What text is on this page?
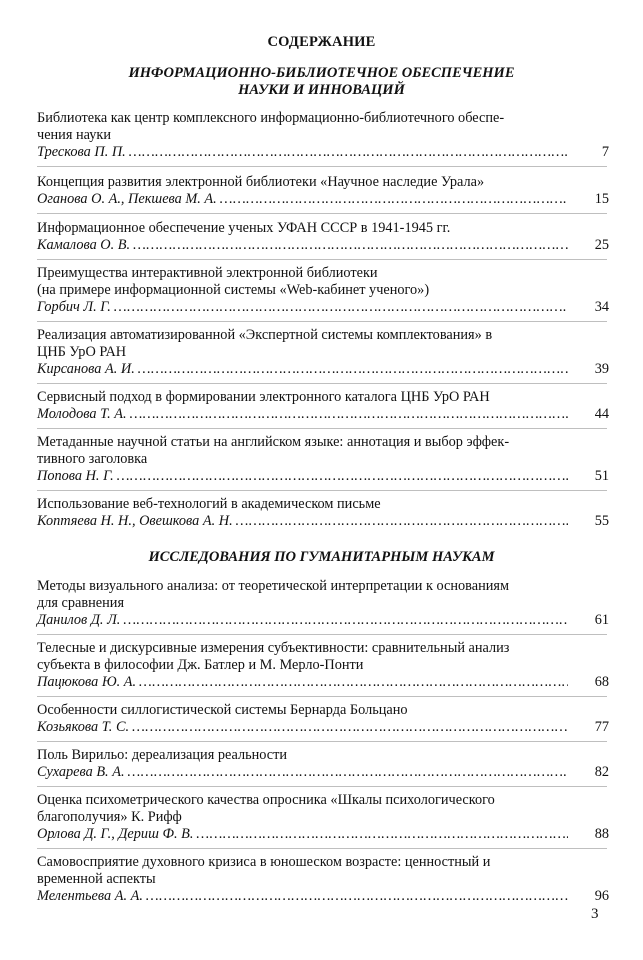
СОДЕРЖАНИЕ
ИНФОРМАЦИОННО-БИБЛИОТЕЧНОЕ ОБЕСПЕЧЕНИЕ
НАУКИ И ИННОВАЦИЙ
Библиотека как центр комплексного информационно-библиотечного обеспе-
чения науки
Трескова П. П. ……………………………………………………………………………………………………………………………………………………………………………………………………	7
Концепция развития электронной библиотеки «Научное наследие Урала»
Оганова О. А., Пекшева М. А. ……………………………………………………………………………………………………………………………………………………………………………………………………	15
Информационное обеспечение ученых УФАН СССР в 1941-1945 гг.
Камалова О. В. ……………………………………………………………………………………………………………………………………………………………………………………………………	25
Преимущества интерактивной электронной библиотеки
(на примере информационной системы «Web-кабинет ученого»)
Горбич Л. Г. ……………………………………………………………………………………………………………………………………………………………………………………………………	34
Реализация автоматизированной «Экспертной системы комплектования» в
ЦНБ УрО РАН
Кирсанова А. И. ……………………………………………………………………………………………………………………………………………………………………………………………………	39
Сервисный подход в формировании электронного каталога ЦНБ УрО РАН
Молодова Т. А. ……………………………………………………………………………………………………………………………………………………………………………………………………	44
Метаданные научной статьи на английском языке: аннотация и выбор эффек-
тивного заголовка
Попова Н. Г. ……………………………………………………………………………………………………………………………………………………………………………………………………	51
Использование веб-технологий в академическом письме
Коптяева Н. Н., Овешкова А. Н. ……………………………………………………………………………………………………………………………………………………………………………………………………	55
ИССЛЕДОВАНИЯ ПО ГУМАНИТАРНЫМ НАУКАМ
Методы визуального анализа: от теоретической интерпретации к основаниям
для сравнения
Данилов Д. Л. ……………………………………………………………………………………………………………………………………………………………………………………………………	61
Телесные и дискурсивные измерения субъективности: сравнительный анализ
субъекта в философии Дж. Батлер и М. Мерло-Понти
Пацюкова Ю. А. ……………………………………………………………………………………………………………………………………………………………………………………………………	68
Особенности силлогистической системы Бернарда Больцано
Козьякова Т. С. ……………………………………………………………………………………………………………………………………………………………………………………………………	77
Поль Вирильо: дереализация реальности
Сухарева В. А. ……………………………………………………………………………………………………………………………………………………………………………………………………	82
Оценка психометрического качества опросника «Шкалы психологического
благополучия» К. Рифф
Орлова Д. Г., Дериш Ф. В. ……………………………………………………………………………………………………………………………………………………………………………………………………	88
Самовосприятие духовного кризиса в юношеском возрасте: ценностный и
временной аспекты
Мелентьева А. А. ……………………………………………………………………………………………………………………………………………………………………………………………………	96
3
